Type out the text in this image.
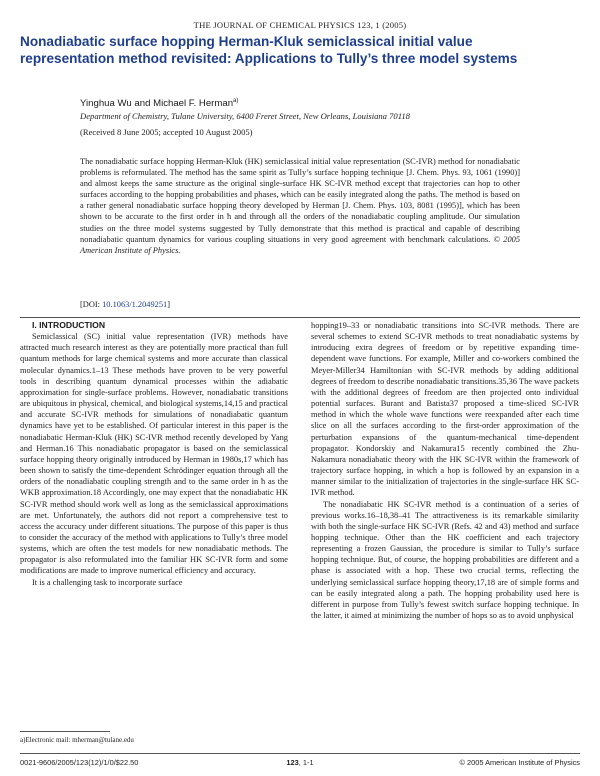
THE JOURNAL OF CHEMICAL PHYSICS 123, 1 (2005)
Nonadiabatic surface hopping Herman-Kluk semiclassical initial value representation method revisited: Applications to Tully’s three model systems
Yinghua Wu and Michael F. Herman$^{a)}$
Department of Chemistry, Tulane University, 6400 Freret Street, New Orleans, Louisiana 70118
(Received 8 June 2005; accepted 10 August 2005)

The nonadiabatic surface hopping Herman-Kluk (HK) semiclassical initial value representation (SC-IVR) method for nonadiabatic problems is reformulated. The method has the same spirit as Tully’s surface hopping technique [J. Chem. Phys. 93, 1061 (1990)] and almost keeps the same structure as the original single-surface HK SC-IVR method except that trajectories can hop to other surfaces according to the hopping probabilities and phases, which can be easily integrated along the paths. The method is based on a rather general nonadiabatic surface hopping theory developed by Herman [J. Chem. Phys. 103, 8081 (1995)], which has been shown to be accurate to the first order in ħ and through all the orders of the nonadiabatic coupling amplitude. Our simulation studies on the three model systems suggested by Tully demonstrate that this method is practical and capable of describing nonadiabatic quantum dynamics for various coupling situations in very good agreement with benchmark calculations. © 2005 American Institute of Physics.

[DOI: 10.1063/1.2049251]

I. INTRODUCTION

Semiclassical (SC) initial value representation (IVR) methods have attracted much research interest as they are potentially more practical than full quantum methods for large chemical systems and more accurate than classical molecular dynamics.1–13 These methods have proven to be very powerful tools in describing quantum dynamical processes within the adiabatic approximation for single-surface problems. However, nonadiabatic transitions are ubiquitous in physical, chemical, and biological systems,14,15 and practical and accurate SC-IVR methods for simulations of nonadiabatic quantum dynamics have yet to be established. Of particular interest in this paper is the nonadiabatic Herman-Kluk (HK) SC-IVR method recently developed by Yang and Herman.16 This nonadiabatic propagator is based on the semiclassical surface hopping theory originally introduced by Herman in 1980s,17 which has been shown to satisfy the time-dependent Schrödinger equation through all the orders of the nonadiabatic coupling strength and to the same order in ħ as the WKB approximation.18 Accordingly, one may expect that the nonadiabatic HK SC-IVR method should work well as long as the semiclassical approximations are met. Unfortunately, the authors did not report a comprehensive test to access the accuracy under different situations. The purpose of this paper is thus to consider the accuracy of the method with applications to Tully’s three model systems, which are often the test models for new nonadiabatic methods. The propagator is also reformulated into the familiar HK SC-IVR form and some modifications are made to improve numerical efficiency and accuracy.

It is a challenging task to incorporate surface

hopping19–33 or nonadiabatic transitions into SC-IVR methods. There are several schemes to extend SC-IVR methods to treat nonadiabatic systems by introducing extra degrees of freedom or by repetitive expanding time-dependent wave functions. For example, Miller and co-workers combined the Meyer-Miller34 Hamiltonian with SC-IVR methods by adding additional degrees of freedom to describe nonadiabatic transitions.35,36 The wave packets with the additional degrees of freedom are then projected onto individual potential surfaces. Burant and Batista37 proposed a time-sliced SC-IVR method in which the whole wave functions were reexpanded after each time slice on all the surfaces according to the first-order approximation of the perturbation expansions of the quantum-mechanical time-dependent propagator. Kondorskiy and Nakamura15 recently combined the Zhu-Nakamura nonadiabatic theory with the HK SC-IVR within the framework of trajectory surface hopping, in which a hop is followed by an expansion in a manner similar to the initialization of trajectories in the single-surface HK SC-IVR method.

The nonadiabatic HK SC-IVR method is a continuation of a series of previous works.16–18,38–41 The attractiveness is its remarkable similarity with both the single-surface HK SC-IVR (Refs. 42 and 43) method and surface hopping technique. Other than the HK coefficient and each trajectory representing a frozen Gaussian, the procedure is similar to Tully’s surface hopping technique. But, of course, the hopping probabilities are different and a phase is associated with a hop. These two crucial terms, reflecting the underlying semiclassical surface hopping theory,17,18 are of simple forms and can be easily integrated along a path. The hopping probability used here is different in purpose from Tully’s fewest switch surface hopping technique. In the latter, it aimed at minimizing the number of hops so as to avoid unphysical

a)Electronic mail: mherman@tulane.edu
0021-9606/2005/123(12)/1/0/$22.50	123, 1-1	© 2005 American Institute of Physics
